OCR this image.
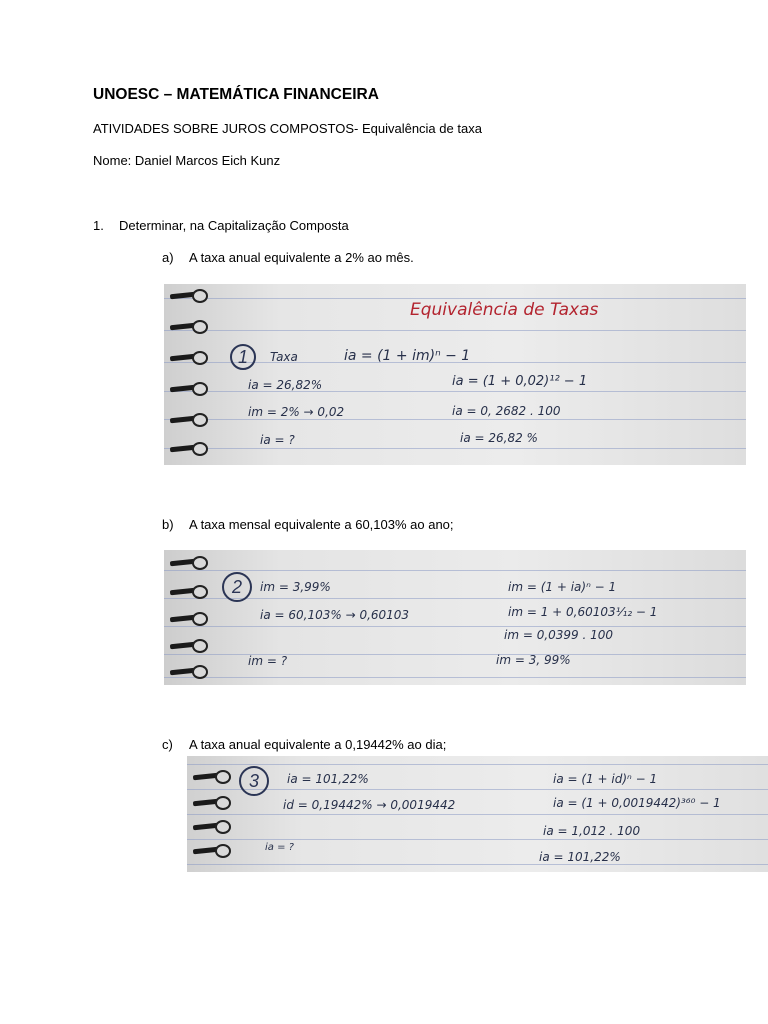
UNOESC – MATEMÁTICA FINANCEIRA
ATIVIDADES SOBRE JUROS COMPOSTOS- Equivalência de taxa
Nome: Daniel Marcos Eich Kunz
1. Determinar, na Capitalização Composta
a) A taxa anual equivalente a 2% ao mês.
Equivalência de Taxas
1	Taxa
ia = 26,82%
im = 2% → 0,02
ia = ?
ia = (1 + im)ⁿ − 1
ia = (1 + 0,02)¹² − 1
ia = 0, 2682 . 100
ia = 26,82 %
b) A taxa mensal equivalente a 60,103% ao ano;
2	im = 3,99%
ia = 60,103% → 0,60103
im = ?
im = (1 + ia)ⁿ − 1
im = 1 + 0,60103¹⁄₁₂ − 1
im = 0,0399 . 100
im = 3, 99%
c) A taxa anual equivalente a 0,19442% ao dia;
3	ia = 101,22%
id = 0,19442% → 0,0019442
ia = ?
ia = (1 + id)ⁿ − 1
ia = (1 + 0,0019442)³⁶⁰ − 1
ia = 1,012 . 100
ia = 101,22%
